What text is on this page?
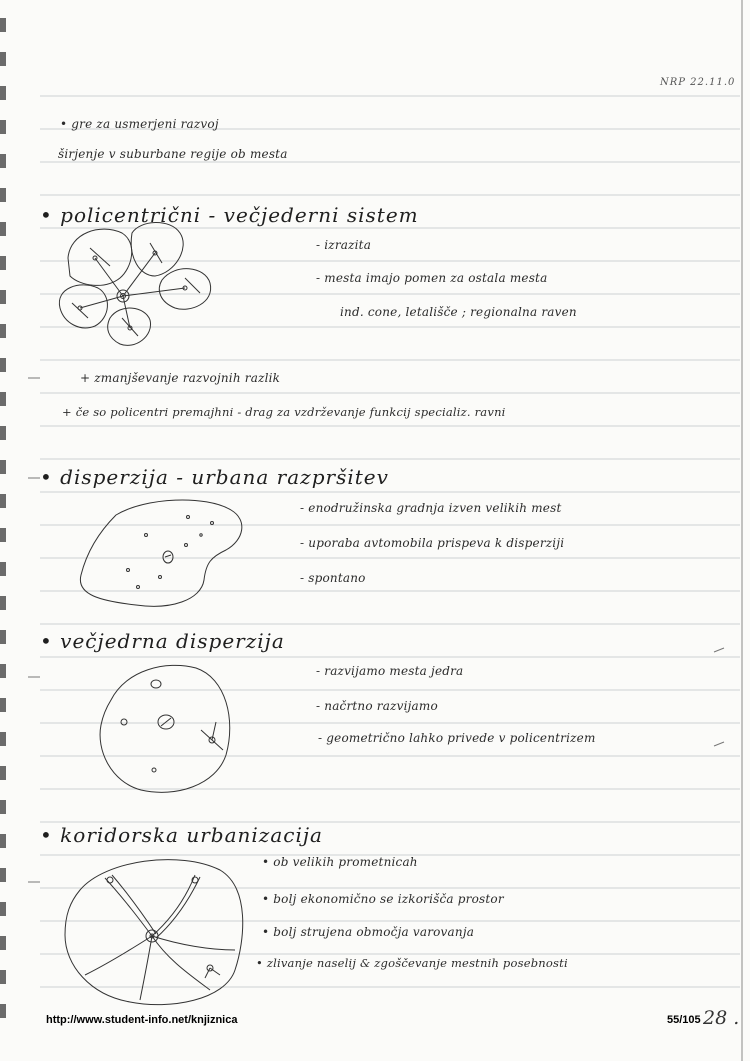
NRP 22.11.0
• gre za usmerjeni razvoj
širjenje v suburbane regije ob mesta
• policentrični - večjederni sistem
- izrazita
- mesta imajo pomen za ostala mesta
ind. cone, letališče ; regionalna raven
+ zmanjševanje razvojnih razlik
+ če so policentri premajhni - drag za vzdrževanje funkcij specializ. ravni
• disperzija - urbana razpršitev
- enodružinska gradnja izven velikih mest
- uporaba avtomobila prispeva k disperziji
- spontano
• večjedrna disperzija
- razvijamo mesta jedra
- načrtno razvijamo
- geometrično lahko privede v policentrizem
• koridorska urbanizacija
• ob velikih prometnicah
• bolj ekonomično se izkorišča prostor
• bolj strujena območja varovanja
• zlivanje naselij & zgoščevanje mestnih posebnosti
http://www.student-info.net/knjiznica	55/105 28 .
